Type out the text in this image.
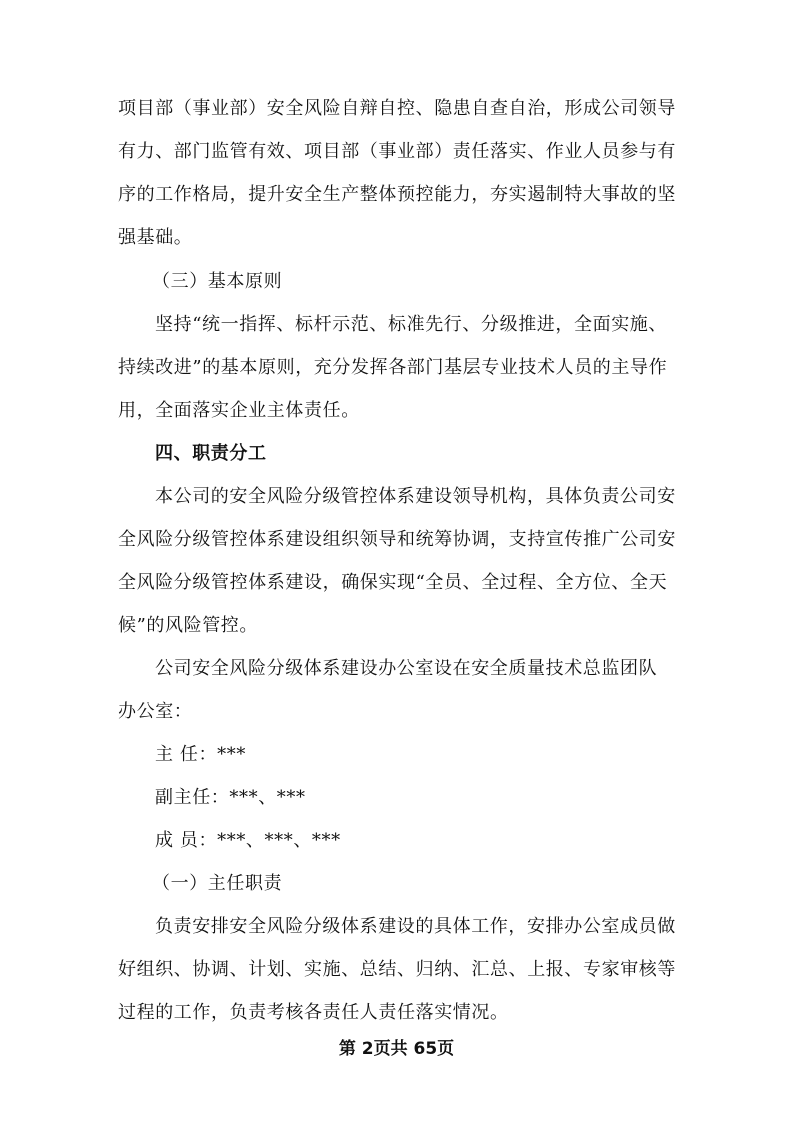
项目部（事业部）安全风险自辩自控、隐患自查自治，形成公司领导
有力、部门监管有效、项目部（事业部）责任落实、作业人员参与有
序的工作格局，提升安全生产整体预控能力，夯实遏制特大事故的坚
强基础。
（三）基本原则
坚持“统一指挥、标杆示范、标准先行、分级推进，全面实施、
持续改进”的基本原则，充分发挥各部门基层专业技术人员的主导作
用，全面落实企业主体责任。
四、职责分工
本公司的安全风险分级管控体系建设领导机构，具体负责公司安
全风险分级管控体系建设组织领导和统筹协调，支持宣传推广公司安
全风险分级管控体系建设，确保实现“全员、全过程、全方位、全天
候”的风险管控。
公司安全风险分级体系建设办公室设在安全质量技术总监团队
办公室：
主 任：***
副主任：***、***
成 员：***、***、***
（一）主任职责
负责安排安全风险分级体系建设的具体工作，安排办公室成员做
好组织、协调、计划、实施、总结、归纳、汇总、上报、专家审核等
过程的工作，负责考核各责任人责任落实情况。
第 2页共 65页
